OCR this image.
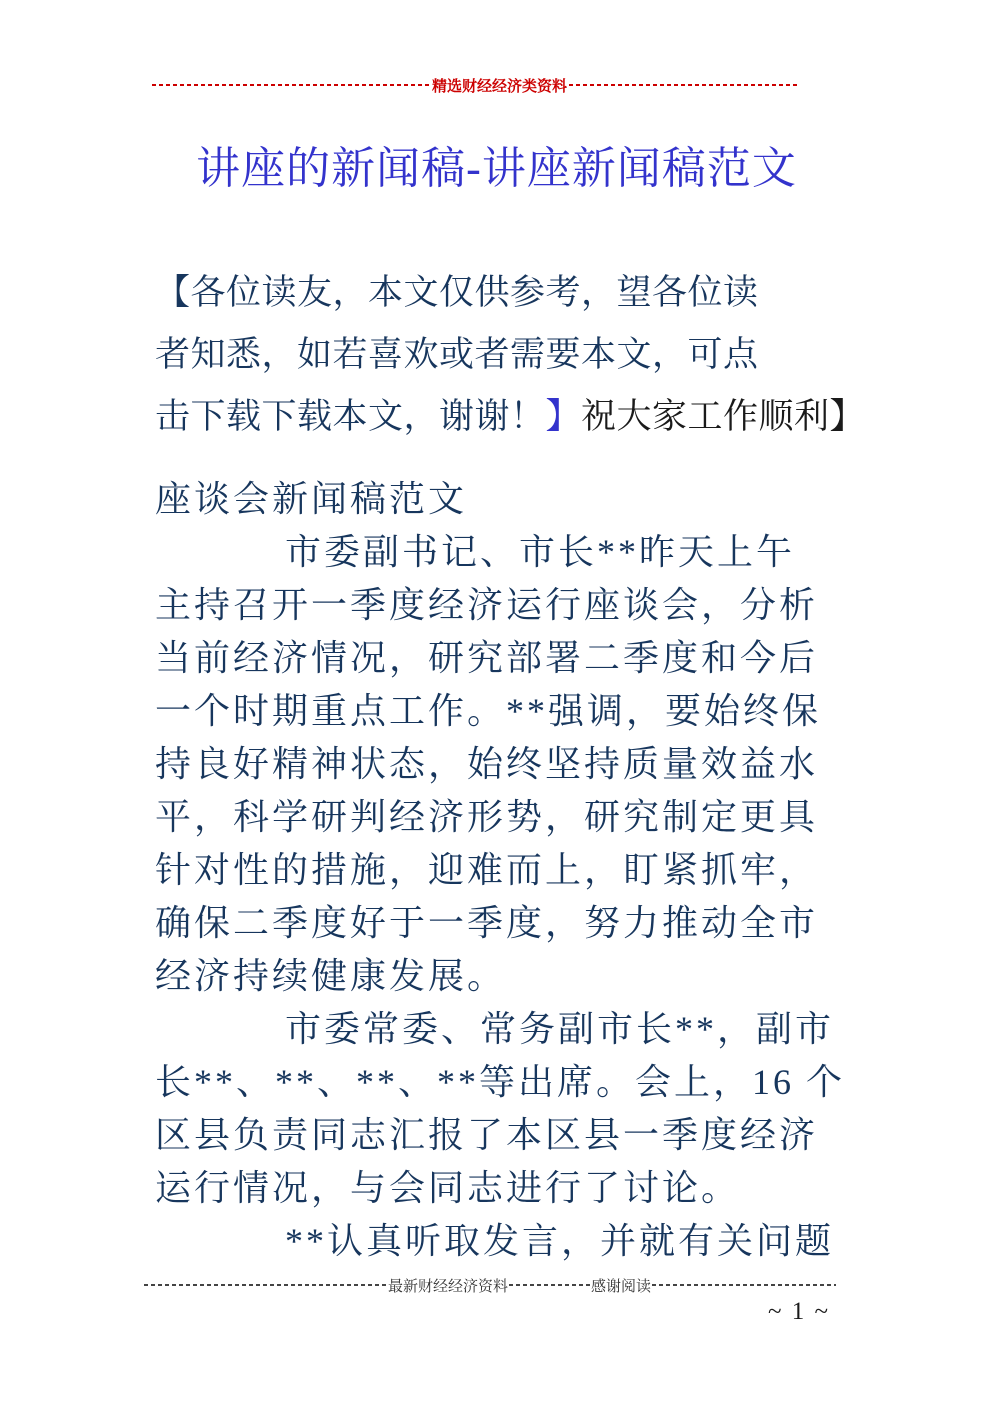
精选财经经济类资料
讲座的新闻稿-讲座新闻稿范文
【各位读友，本文仅供参考，望各位读
者知悉，如若喜欢或者需要本文，可点
击下载下载本文，谢谢！】祝大家工作顺利】
座谈会新闻稿范文
市委副书记、市长**昨天上午
主持召开一季度经济运行座谈会，分析
当前经济情况，研究部署二季度和今后
一个时期重点工作。**强调，要始终保
持良好精神状态，始终坚持质量效益水
平，科学研判经济形势，研究制定更具
针对性的措施，迎难而上，盯紧抓牢，
确保二季度好于一季度，努力推动全市
经济持续健康发展。
市委常委、常务副市长**，副市
长**、**、**、**等出席。会上，16 个
区县负责同志汇报了本区县一季度经济
运行情况，与会同志进行了讨论。
**认真听取发言，并就有关问题
最新财经经济资料	感谢阅读
~ 1 ~
